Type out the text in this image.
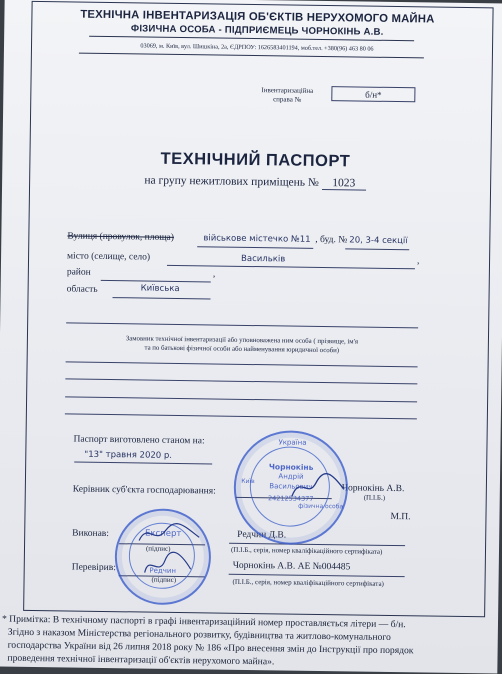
ТЕХНІЧНА ІНВЕНТАРИЗАЦІЯ ОБ'ЄКТІВ НЕРУХОМОГО МАЙНА
ФІЗИЧНА ОСОБА - ПІДПРИЄМЕЦЬ ЧОРНОКІНЬ А.В.
03069, м. Київ, вул. Шишкіна, 2а, ЄДРПОУ: 1626583401194, моб.тел. +380(96) 463 80 06
Інвентаризаційна
справа №	б/н*
ТЕХНІЧНИЙ ПАСПОРТ
на групу нежитлових приміщень № 1023
Вулиця (провулок, площа)	військове містечко №11 , буд. № 20, 3-4 секції
місто (селище, село)	Васильків	,
район	,
область	Київська
Замовник технічної інвентаризації або уповноважена ним особа ( прізвище, ім'я
та по батькові фізичної особи або найменування юридичної особи)
Паспорт виготовлено станом на:
"13" травня 2020 р.
Керівник суб'єкта господарювання:	Чорнокінь А.В.
(П.І.Б.)
М.П.
Виконав:
(підпис)
Редчин Д.В.
(П.І.Б., серія, номер кваліфікаційного сертифіката)
Перевірив:
(підпис)
Чорнокінь А.В. АЕ №004485
(П.І.Б., серія, номер кваліфікаційного сертифіката)
Україна
Чорнокінь
Андрій
Васильович
24212534377
Київ
фізична особа
Експерт
Редчин
* Примітка: В технічному паспорті в графі інвентаризаційний номер проставляється літери — б/н.
Згідно з наказом Міністерства регіонального розвитку, будівництва та житлово-комунального
господарства України від 26 липня 2018 року № 186 «Про внесення змін до Інструкції про порядок
проведення технічної інвентаризації об'єктів нерухомого майна».
